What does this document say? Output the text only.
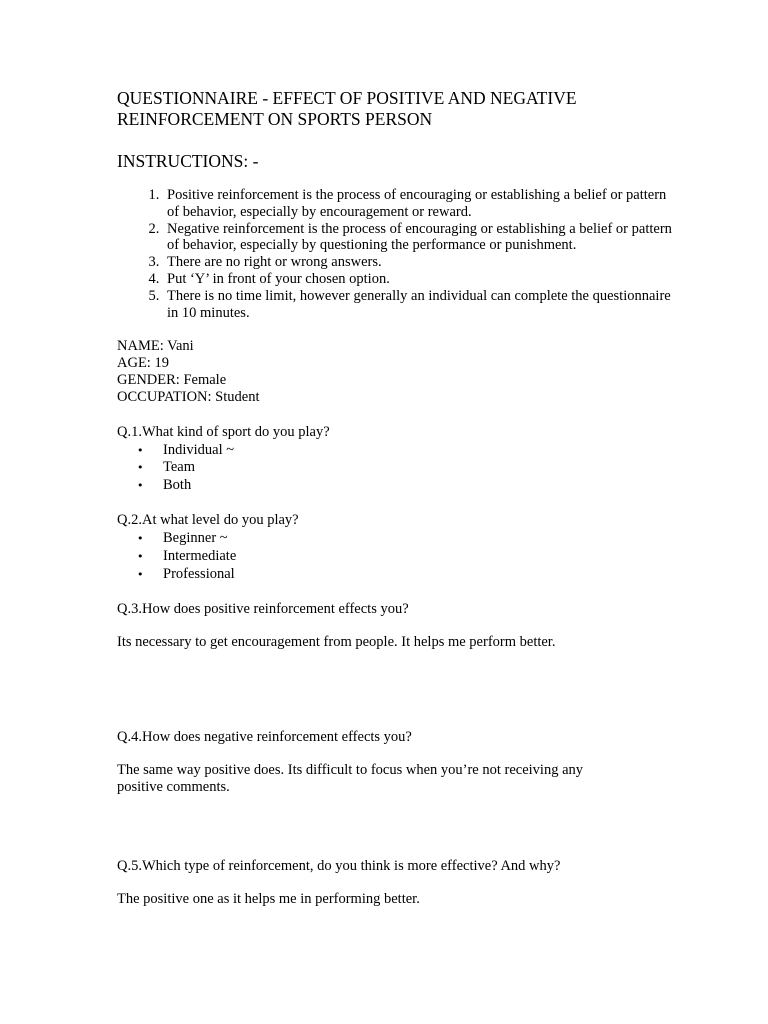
QUESTIONNAIRE - EFFECT OF POSITIVE AND NEGATIVE
REINFORCEMENT ON SPORTS PERSON
INSTRUCTIONS: -
1. Positive reinforcement is the process of encouraging or establishing a belief or pattern of behavior, especially by encouragement or reward.
2. Negative reinforcement is the process of encouraging or establishing a belief or pattern of behavior, especially by questioning the performance or punishment.
3. There are no right or wrong answers.
4. Put ‘Y’ in front of your chosen option.
5. There is no time limit, however generally an individual can complete the questionnaire in 10 minutes.
NAME: Vani
AGE: 19
GENDER: Female
OCCUPATION: Student
Q.1.What kind of sport do you play?
• Individual ~
• Team
• Both
Q.2.At what level do you play?
• Beginner ~
• Intermediate
• Professional
Q.3.How does positive reinforcement effects you?
Its necessary to get encouragement from people. It helps me perform better.
Q.4.How does negative reinforcement effects you?
The same way positive does. Its difficult to focus when you’re not receiving any
positive comments.
Q.5.Which type of reinforcement, do you think is more effective? And why?
The positive one as it helps me in performing better.
